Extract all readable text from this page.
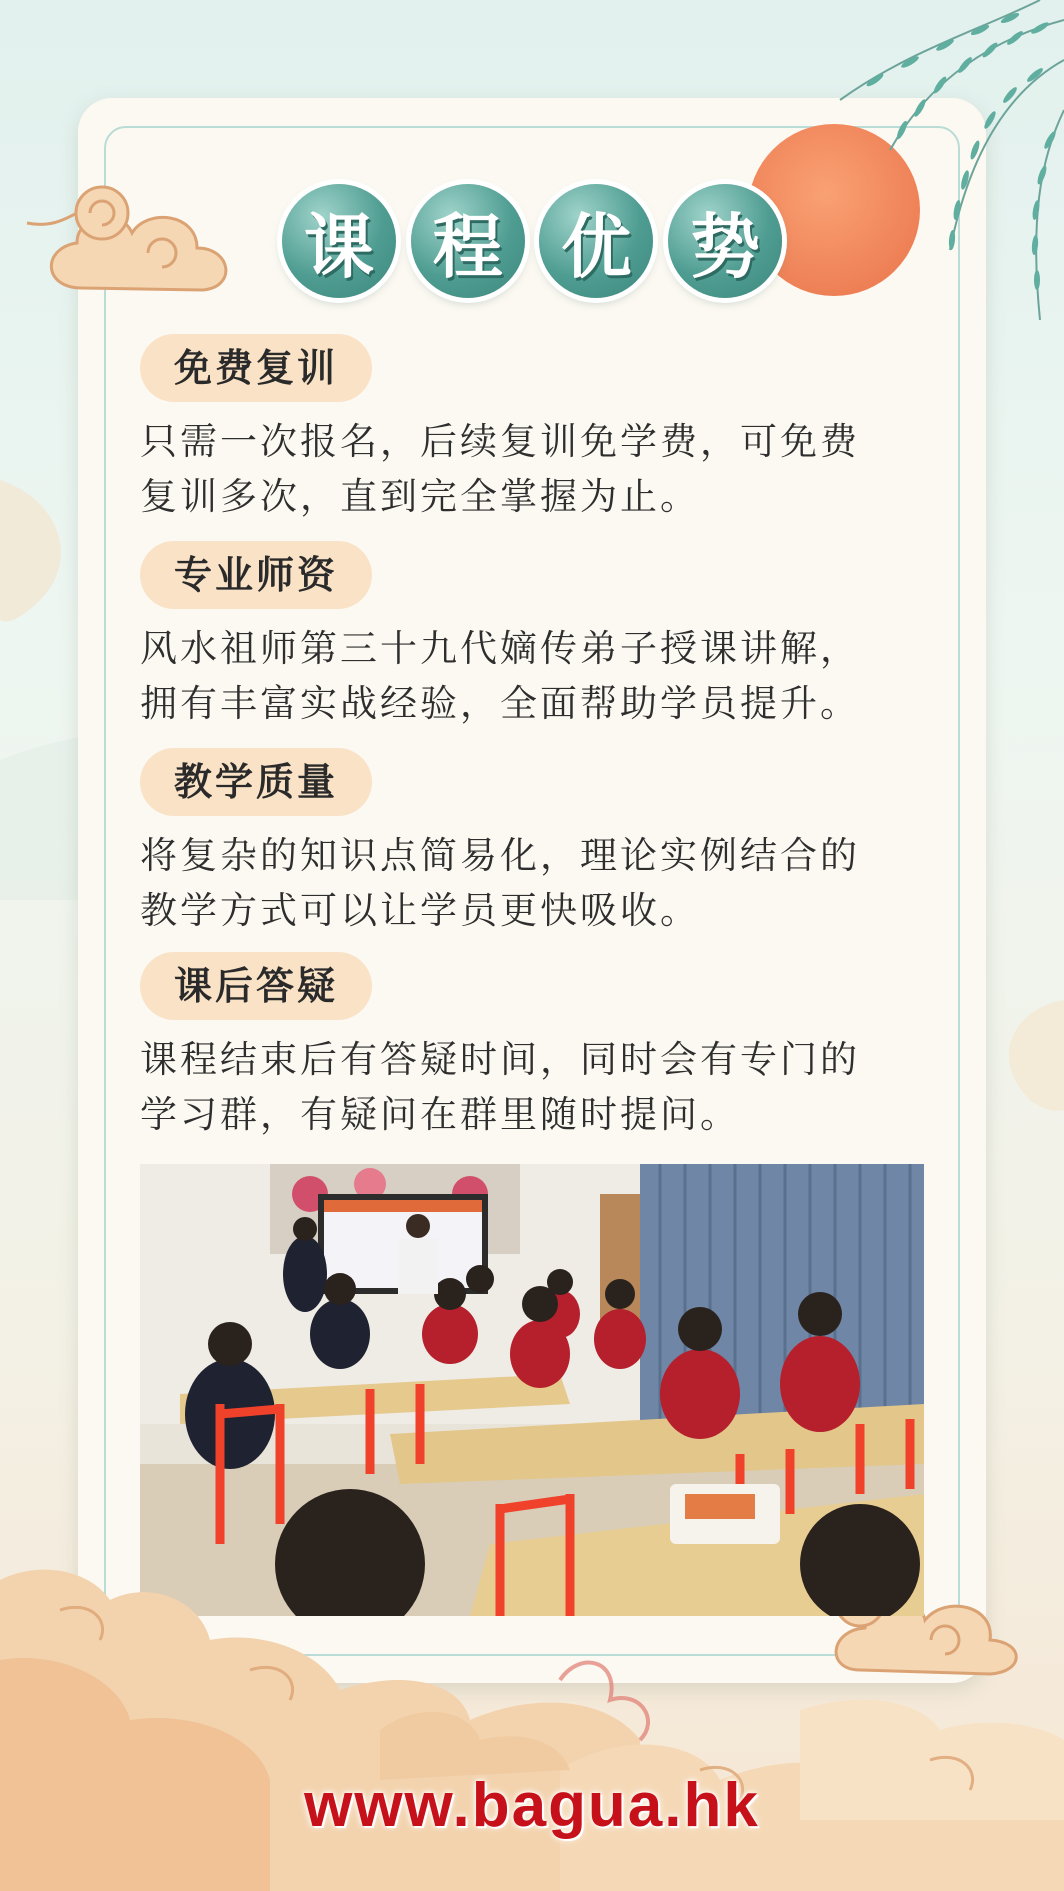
课 程 优 势
免费复训
只需一次报名，后续复训免学费，可免费
复训多次，直到完全掌握为止。
专业师资
风水祖师第三十九代嫡传弟子授课讲解，
拥有丰富实战经验，全面帮助学员提升。
教学质量
将复杂的知识点简易化，理论实例结合的
教学方式可以让学员更快吸收。
课后答疑
课程结束后有答疑时间，同时会有专门的
学习群，有疑问在群里随时提问。
www.bagua.hk
